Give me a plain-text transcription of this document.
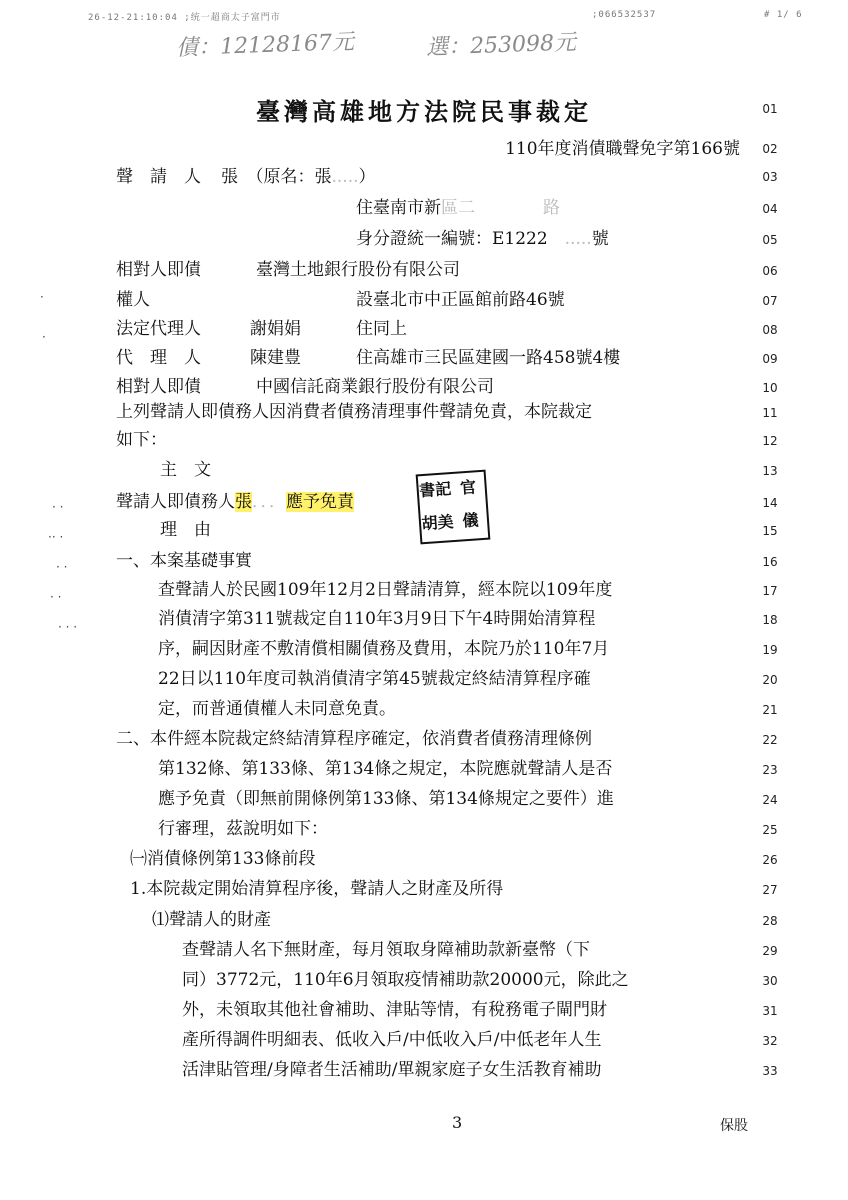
26-12-21:10:04 ;统一超商太子富門市	;066532537	# 1/ 6
債：12128167元	選：253098元
臺灣高雄地方法院民事裁定	01
110年度消債職聲免字第166號	02
聲　請　人 張　 （原名：張.....）	03
住臺南市新區二　　　　路	04
身分證統一編號：E1222　.....號	05
相對人即債	臺灣土地銀行股份有限公司	06
權人	設臺北市中正區館前路46號	07
法定代理人	謝娟娟	住同上	08
代　理　人	陳建豊	住高雄市三民區建國一路458號4樓	09
相對人即債	中國信託商業銀行股份有限公司	10
上列聲請人即債務人因消費者債務清理事件聲請免責，本院裁定	11
如下：	12
主　文	13
聲請人即債務人張．．．應予免責	14
書記 官
胡美 儀
理　由	15
一、本案基礎事實	16
查聲請人於民國109年12月2日聲請清算，經本院以109年度	17
消債清字第311號裁定自110年3月9日下午4時開始清算程	18
序，嗣因財產不敷清償相關債務及費用，本院乃於110年7月	19
22日以110年度司執消債清字第45號裁定終結清算程序確	20
定，而普通債權人未同意免責。	21
二、本件經本院裁定終結清算程序確定，依消費者債務清理條例	22
第132條、第133條、第134條之規定，本院應就聲請人是否	23
應予免責（即無前開條例第133條、第134條規定之要件）進	24
行審理，茲說明如下：	25
㈠消債條例第133條前段	26
1.本院裁定開始清算程序後，聲請人之財產及所得	27
⑴聲請人的財產	28
查聲請人名下無財產，每月領取身障補助款新臺幣（下	29
同）3772元，110年6月領取疫情補助款20000元，除此之	30
外，未領取其他社會補助、津貼等情，有稅務電子閘門財	31
產所得調件明細表、低收入戶/中低收入戶/中低老年人生	32
活津貼管理/身障者生活補助/單親家庭子女生活教育補助	33
3	保股
·
·
· ·
·· ·
· ·
· ·
· · ·
